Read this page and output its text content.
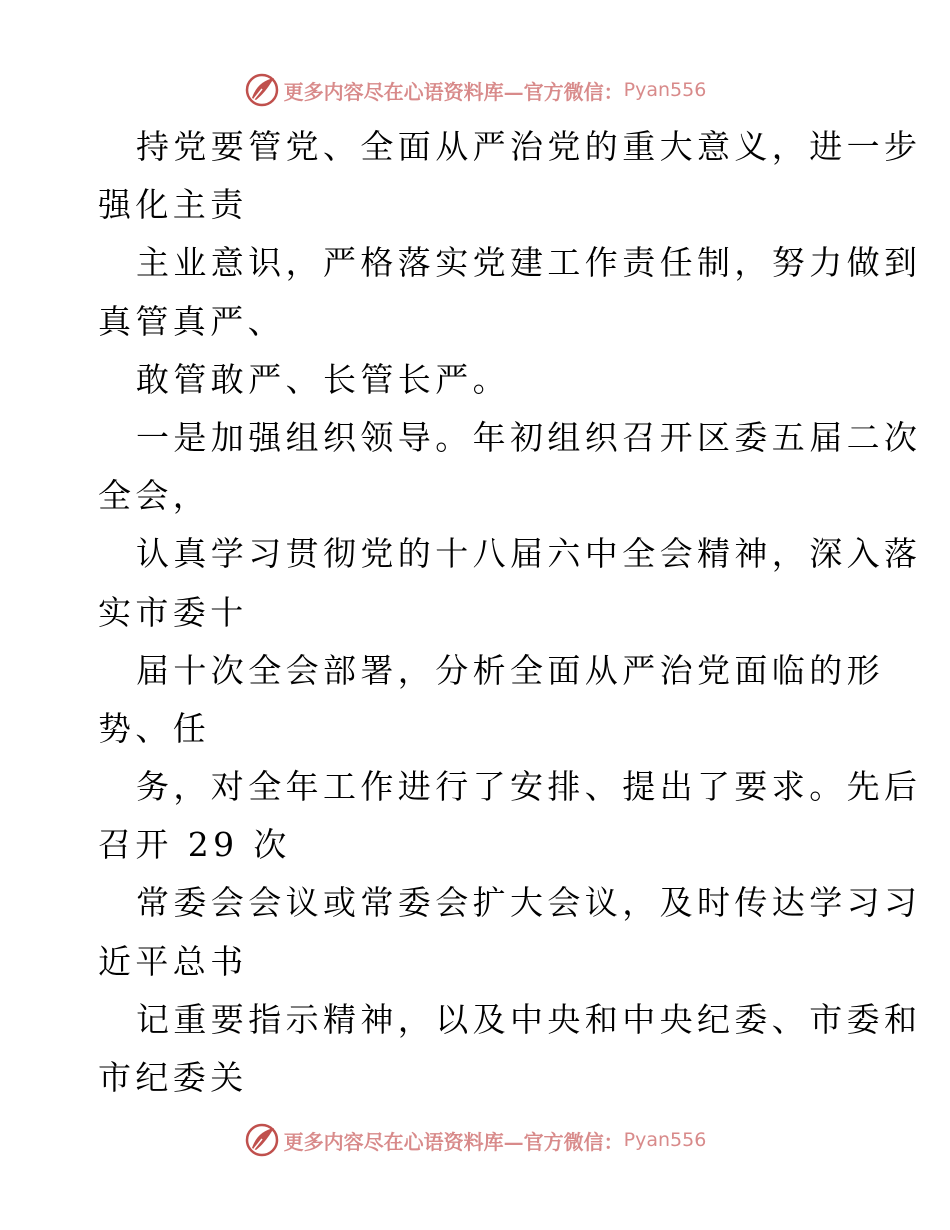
更多内容尽在心语资料库—官方微信： Pyan556
持党要管党、全面从严治党的重大意义，进一步
强化主责
主业意识，严格落实党建工作责任制，努力做到
真管真严、
敢管敢严、长管长严。
一是加强组织领导。年初组织召开区委五届二次
全会，
认真学习贯彻党的十八届六中全会精神，深入落
实市委十
届十次全会部署，分析全面从严治党面临的形
势、任
务，对全年工作进行了安排、提出了要求。先后
召开 29 次
常委会会议或常委会扩大会议，及时传达学习习
近平总书
记重要指示精神，以及中央和中央纪委、市委和
市纪委关
更多内容尽在心语资料库—官方微信： Pyan556
